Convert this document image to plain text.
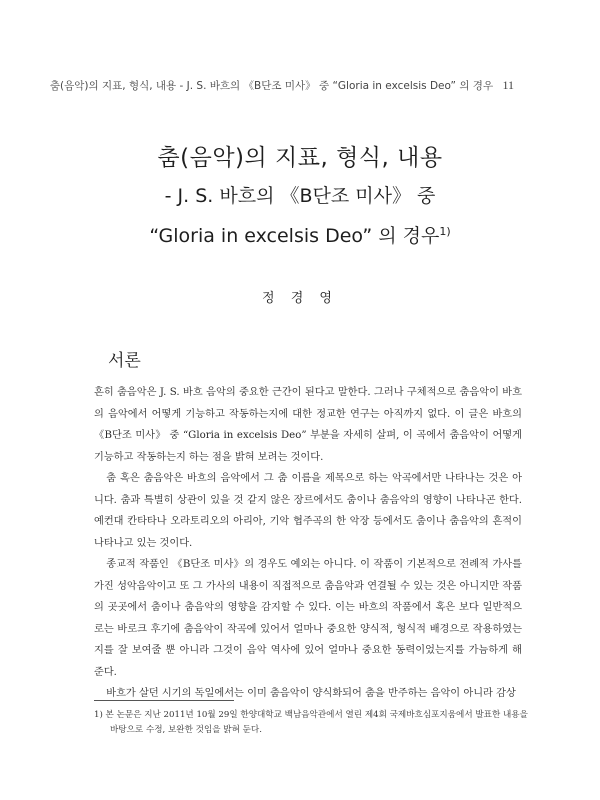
춤(음악)의 지표, 형식, 내용 - J. S. 바흐의 《B단조 미사》 중 “Gloria in excelsis Deo” 의 경우 11
춤(음악)의 지표, 형식, 내용
- J. S. 바흐의 《B단조 미사》 중
“Gloria in excelsis Deo” 의 경우$^{1)}$
정 경 영
서론

흔히 춤음악은 J. S. 바흐 음악의 중요한 근간이 된다고 말한다. 그러나 구체적으로 춤음악이 바흐의 음악에서 어떻게 기능하고 작동하는지에 대한 정교한 연구는 아직까지 없다. 이 글은 바흐의 《B단조 미사》 중 “Gloria in excelsis Deo” 부분을 자세히 살펴, 이 곡에서 춤음악이 어떻게 기능하고 작동하는지 하는 점을 밝혀 보려는 것이다.

춤 혹은 춤음악은 바흐의 음악에서 그 춤 이름을 제목으로 하는 악곡에서만 나타나는 것은 아니다. 춤과 특별히 상관이 있을 것 같지 않은 장르에서도 춤이나 춤음악의 영향이 나타나곤 한다. 예컨대 칸타타나 오라토리오의 아리아, 기악 협주곡의 한 악장 등에서도 춤이나 춤음악의 흔적이 나타나고 있는 것이다.

종교적 작품인 《B단조 미사》의 경우도 예외는 아니다. 이 작품이 기본적으로 전례적 가사를 가진 성악음악이고 또 그 가사의 내용이 직접적으로 춤음악과 연결될 수 있는 것은 아니지만 작품의 곳곳에서 춤이나 춤음악의 영향을 감지할 수 있다. 이는 바흐의 작품에서 혹은 보다 일반적으로는 바로크 후기에 춤음악이 작곡에 있어서 얼마나 중요한 양식적, 형식적 배경으로 작용하였는지를 잘 보여줄 뿐 아니라 그것이 음악 역사에 있어 얼마나 중요한 동력이었는지를 가늠하게 해 준다.

바흐가 살던 시기의 독일에서는 이미 춤음악이 양식화되어 춤을 반주하는 음악이 아니라 감상

1) 본 논문은 지난 2011년 10월 29일 한양대학교 백남음악관에서 열린 제4회 국제바흐심포지움에서 발표한 내용을 바탕으로 수정, 보완한 것임을 밝혀 둔다.
